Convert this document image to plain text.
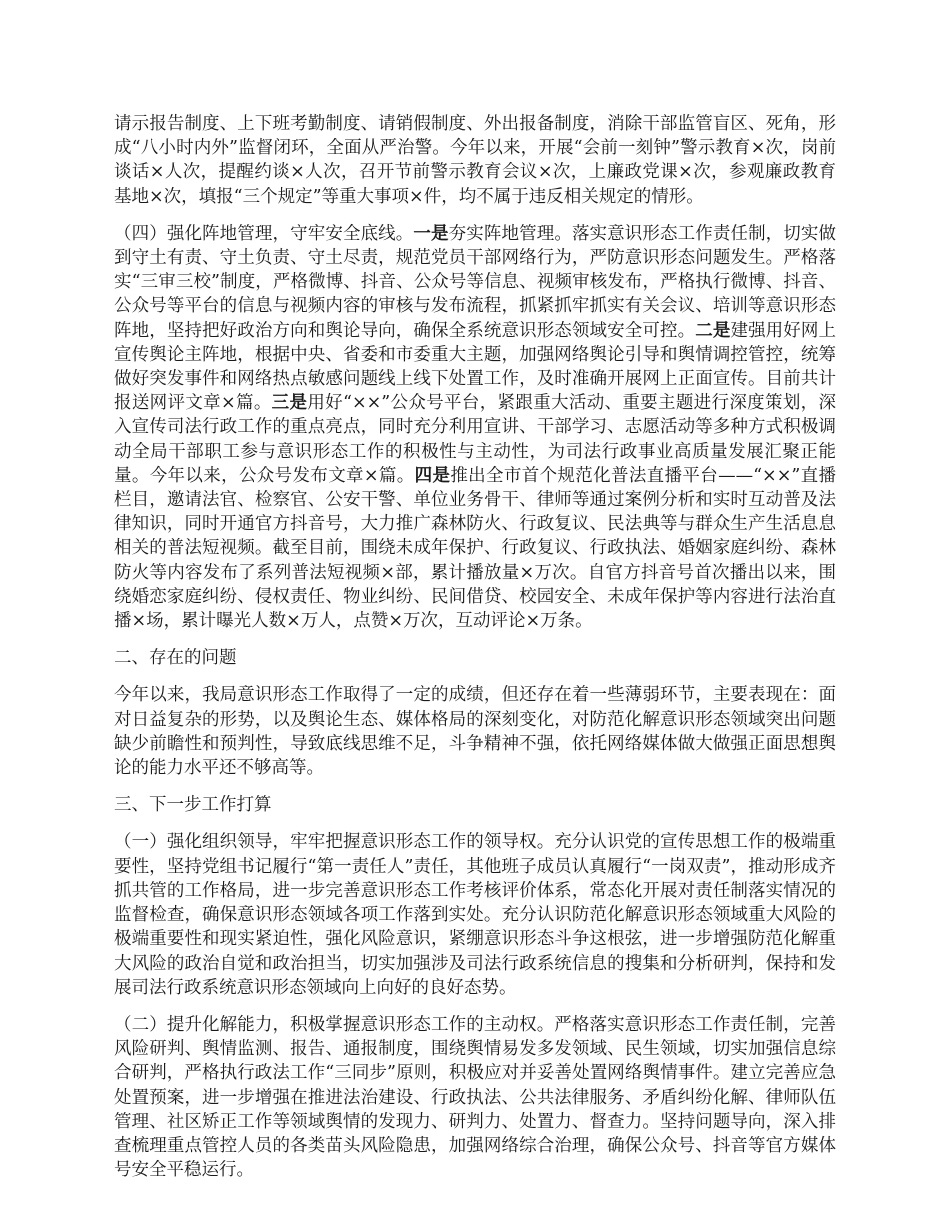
请示报告制度、上下班考勤制度、请销假制度、外出报备制度，消除干部监管盲区、死角，形成“八小时内外”监督闭环，全面从严治警。今年以来，开展“会前一刻钟”警示教育×次，岗前谈话×人次，提醒约谈×人次，召开节前警示教育会议×次，上廉政党课×次，参观廉政教育基地×次，填报“三个规定”等重大事项×件，均不属于违反相关规定的情形。

（四）强化阵地管理，守牢安全底线。一是夯实阵地管理。落实意识形态工作责任制，切实做到守土有责、守土负责、守土尽责，规范党员干部网络行为，严防意识形态问题发生。严格落实“三审三校”制度，严格微博、抖音、公众号等信息、视频审核发布，严格执行微博、抖音、公众号等平台的信息与视频内容的审核与发布流程，抓紧抓牢抓实有关会议、培训等意识形态阵地，坚持把好政治方向和舆论导向，确保全系统意识形态领域安全可控。二是建强用好网上宣传舆论主阵地，根据中央、省委和市委重大主题，加强网络舆论引导和舆情调控管控，统筹做好突发事件和网络热点敏感问题线上线下处置工作，及时准确开展网上正面宣传。目前共计报送网评文章×篇。三是用好“××”公众号平台，紧跟重大活动、重要主题进行深度策划，深入宣传司法行政工作的重点亮点，同时充分利用宣讲、干部学习、志愿活动等多种方式积极调动全局干部职工参与意识形态工作的积极性与主动性，为司法行政事业高质量发展汇聚正能量。今年以来，公众号发布文章×篇。四是推出全市首个规范化普法直播平台——“××”直播栏目，邀请法官、检察官、公安干警、单位业务骨干、律师等通过案例分析和实时互动普及法律知识，同时开通官方抖音号，大力推广森林防火、行政复议、民法典等与群众生产生活息息相关的普法短视频。截至目前，围绕未成年保护、行政复议、行政执法、婚姻家庭纠纷、森林防火等内容发布了系列普法短视频×部，累计播放量×万次。自官方抖音号首次播出以来，围绕婚恋家庭纠纷、侵权责任、物业纠纷、民间借贷、校园安全、未成年保护等内容进行法治直播×场，累计曝光人数×万人，点赞×万次，互动评论×万条。

二、存在的问题

今年以来，我局意识形态工作取得了一定的成绩，但还存在着一些薄弱环节，主要表现在：面对日益复杂的形势，以及舆论生态、媒体格局的深刻变化，对防范化解意识形态领域突出问题缺少前瞻性和预判性，导致底线思维不足，斗争精神不强，依托网络媒体做大做强正面思想舆论的能力水平还不够高等。

三、下一步工作打算

（一）强化组织领导，牢牢把握意识形态工作的领导权。充分认识党的宣传思想工作的极端重要性，坚持党组书记履行“第一责任人”责任，其他班子成员认真履行“一岗双责”，推动形成齐抓共管的工作格局，进一步完善意识形态工作考核评价体系，常态化开展对责任制落实情况的监督检查，确保意识形态领域各项工作落到实处。充分认识防范化解意识形态领域重大风险的极端重要性和现实紧迫性，强化风险意识，紧绷意识形态斗争这根弦，进一步增强防范化解重大风险的政治自觉和政治担当，切实加强涉及司法行政系统信息的搜集和分析研判，保持和发展司法行政系统意识形态领域向上向好的良好态势。

（二）提升化解能力，积极掌握意识形态工作的主动权。严格落实意识形态工作责任制，完善风险研判、舆情监测、报告、通报制度，围绕舆情易发多发领域、民生领域，切实加强信息综合研判，严格执行政法工作“三同步”原则，积极应对并妥善处置网络舆情事件。建立完善应急处置预案，进一步增强在推进法治建设、行政执法、公共法律服务、矛盾纠纷化解、律师队伍管理、社区矫正工作等领域舆情的发现力、研判力、处置力、督查力。坚持问题导向，深入排查梳理重点管控人员的各类苗头风险隐患，加强网络综合治理，确保公众号、抖音等官方媒体号安全平稳运行。
